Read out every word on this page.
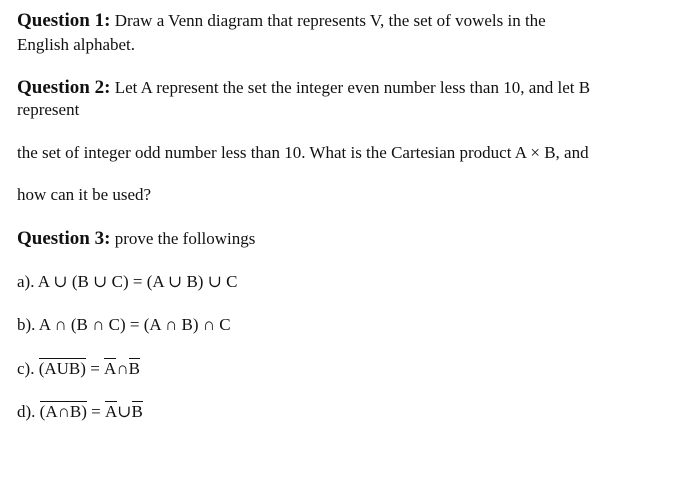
Question 1: Draw a Venn diagram that represents V, the set of vowels in the
English alphabet.
Question 2: Let A represent the set the integer even number less than 10, and let B
represent
the set of integer odd number less than 10. What is the Cartesian product A × B, and
how can it be used?
Question 3: prove the followings
a). A ∪ (B ∪ C) = (A ∪ B) ∪ C
b). A ∩ (B ∩ C) = (A ∩ B) ∩ C
c). (AUB) = A∩B
d). (A∩B) = A∪B
